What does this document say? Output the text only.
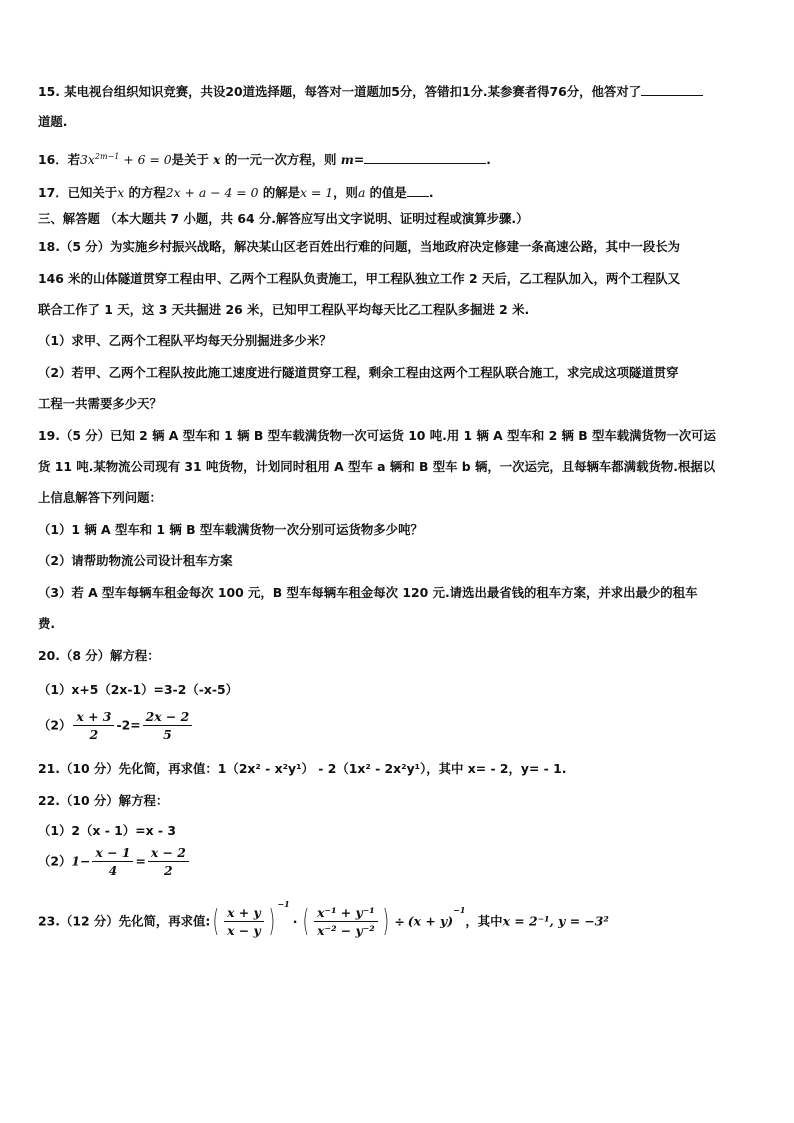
15. 某电视台组织知识竞赛，共设20道选择题，每答对一道题加5分，答错扣1分.某参赛者得76分，他答对了
道题.
16．若$3x^{2m-1} + 6 = 0$是关于 x 的一元一次方程，则 m=	.
17．已知关于x 的方程2x + a − 4 = 0 的解是x = 1，则a 的值是 .
三、解答题 （本大题共 7 小题，共 64 分.解答应写出文字说明、证明过程或演算步骤.）
18.（5 分）为实施乡村振兴战略，解决某山区老百姓出行难的问题，当地政府决定修建一条高速公路，其中一段长为
146 米的山体隧道贯穿工程由甲、乙两个工程队负责施工，甲工程队独立工作 2 天后，乙工程队加入，两个工程队又
联合工作了 1 天，这 3 天共掘进 26 米，已知甲工程队平均每天比乙工程队多掘进 2 米.
（1）求甲、乙两个工程队平均每天分别掘进多少米？
（2）若甲、乙两个工程队按此施工速度进行隧道贯穿工程，剩余工程由这两个工程队联合施工，求完成这项隧道贯穿
工程一共需要多少天？
19.（5 分）已知 2 辆 A 型车和 1 辆 B 型车载满货物一次可运货 10 吨.用 1 辆 A 型车和 2 辆 B 型车载满货物一次可运
货 11 吨.某物流公司现有 31 吨货物，计划同时租用 A 型车 a 辆和 B 型车 b 辆，一次运完，且每辆车都满载货物.根据以
上信息解答下列问题：
（1）1 辆 A 型车和 1 辆 B 型车载满货物一次分别可运货物多少吨？
（2）请帮助物流公司设计租车方案
（3）若 A 型车每辆车租金每次 100 元，B 型车每辆车租金每次 120 元.请选出最省钱的租车方案，并求出最少的租车
费.
20.（8 分）解方程：
（1）x+5（2x-1）=3-2（-x-5）
$(2) \frac{x + 3}{2} -2= \frac{2x - 2}{5}$
21.（10 分）先化简，再求值：1（2x² - x²y¹） - 2（1x² - 2x²y¹），其中 x= - 2，y= - 1.
22.（10 分）解方程：
（1）2（x - 1）=x - 3
$(2)1- \frac{x - 1}{4} = \frac{x - 2}{2}$
23.（12 分）先化简，再求值:( $\frac{x + y}{x - y}$ ) $^{-1}$· ( $\frac{\text{x⁻¹ + y⁻¹}}{\text{x⁻² − y⁻²}}$ ) ÷ $(x + y)^{-1}$，其中x = 2⁻¹, y = −3²
